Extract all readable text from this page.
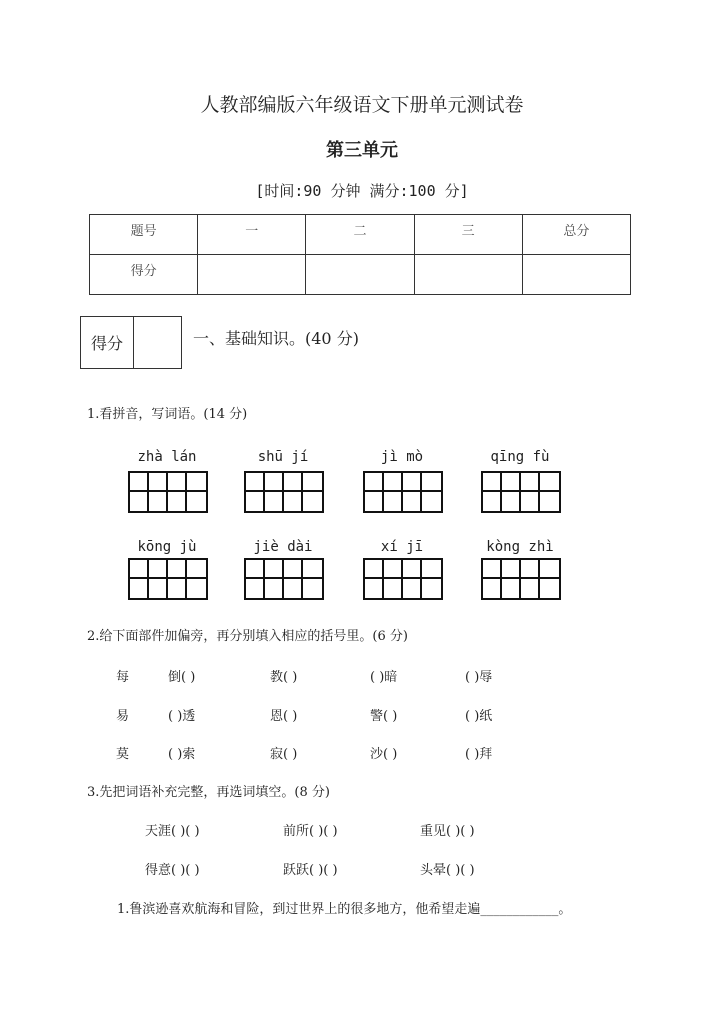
人教部编版六年级语文下册单元测试卷
第三单元
[时间:90 分钟 满分:100 分]
题号	一	二	三	总分
得分				
得分	一、基础知识。(40 分)
1.看拼音，写词语。(14 分)
zhà lán	shū jí	jì mò	qīng fù
kōng jù	jiè dài	xí jī	kòng zhì
2.给下面部件加偏旁，再分别填入相应的括号里。(6 分)
每	倒( )	教( )	( )暗	( )辱
易	( )透	恩( )	警( )	( )纸
莫	( )索	寂( )	沙( )	( )拜
3.先把词语补充完整，再选词填空。(8 分)
天涯( )( )	前所( )( )	重见( )( )
得意( )( )	跃跃( )( )	头晕( )( )
1.鲁滨逊喜欢航海和冒险，到过世界上的很多地方，他希望走遍____________。
